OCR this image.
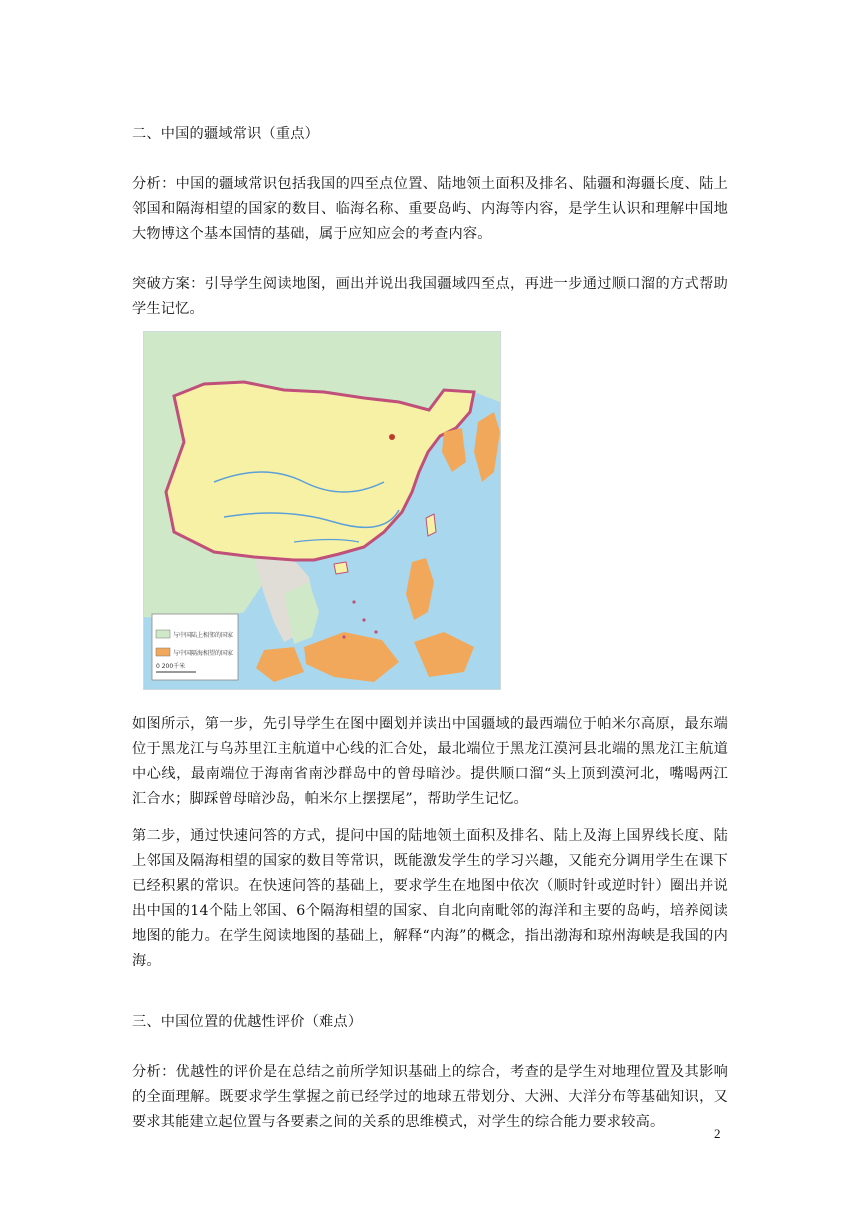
二、中国的疆域常识（重点）

分析：中国的疆域常识包括我国的四至点位置、陆地领土面积及排名、陆疆和海疆长度、陆上邻国和隔海相望的国家的数目、临海名称、重要岛屿、内海等内容，是学生认识和理解中国地大物博这个基本国情的基础，属于应知应会的考查内容。

突破方案：引导学生阅读地图，画出并说出我国疆域四至点，再进一步通过顺口溜的方式帮助学生记忆。

与中国陆上相邻的国家
与中国隔海相望的国家
0 200千米

如图所示，第一步，先引导学生在图中圈划并读出中国疆域的最西端位于帕米尔高原，最东端位于黑龙江与乌苏里江主航道中心线的汇合处，最北端位于黑龙江漠河县北端的黑龙江主航道中心线，最南端位于海南省南沙群岛中的曾母暗沙。提供顺口溜“头上顶到漠河北，嘴喝两江汇合水；脚踩曾母暗沙岛，帕米尔上摆摆尾”，帮助学生记忆。

第二步，通过快速问答的方式，提问中国的陆地领土面积及排名、陆上及海上国界线长度、陆上邻国及隔海相望的国家的数目等常识，既能激发学生的学习兴趣，又能充分调用学生在课下已经积累的常识。在快速问答的基础上，要求学生在地图中依次（顺时针或逆时针）圈出并说出中国的14个陆上邻国、6个隔海相望的国家、自北向南毗邻的海洋和主要的岛屿，培养阅读地图的能力。在学生阅读地图的基础上，解释“内海”的概念，指出渤海和琼州海峡是我国的内海。

三、中国位置的优越性评价（难点）

分析：优越性的评价是在总结之前所学知识基础上的综合，考查的是学生对地理位置及其影响的全面理解。既要求学生掌握之前已经学过的地球五带划分、大洲、大洋分布等基础知识，又要求其能建立起位置与各要素之间的关系的思维模式，对学生的综合能力要求较高。

2
